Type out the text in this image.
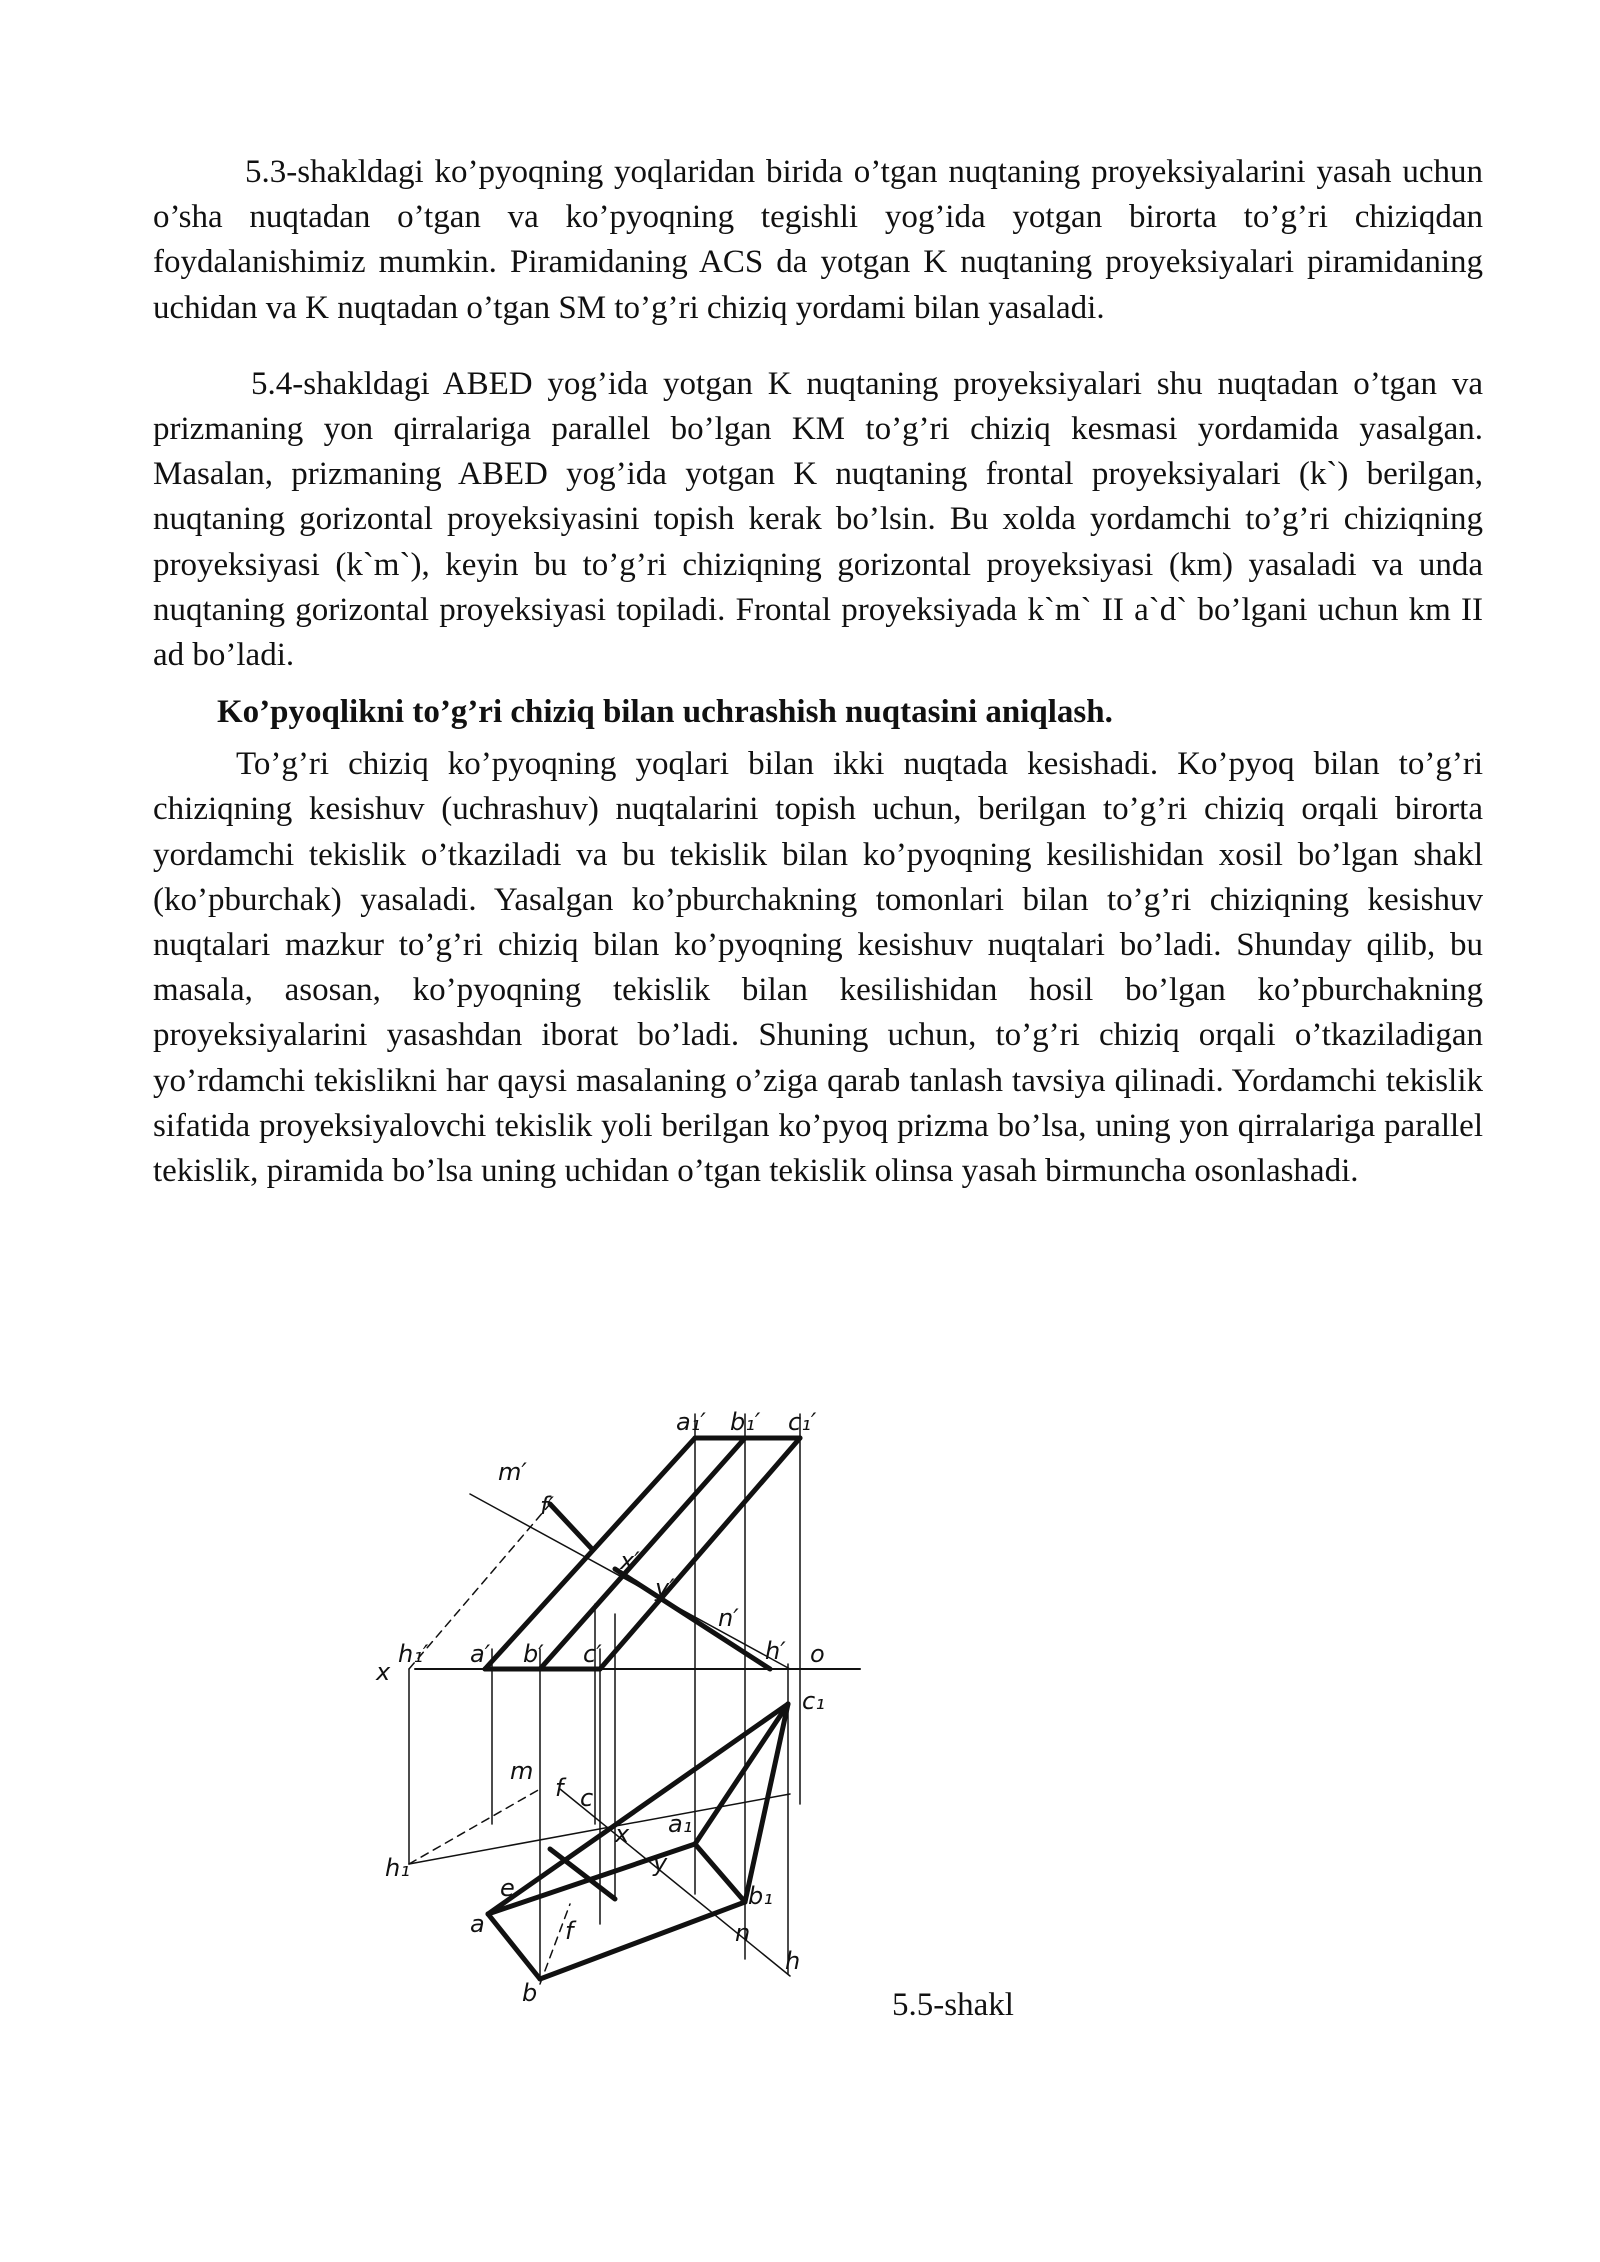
5.3-shakldagi ko’pyoqning yoqlaridan birida o’tgan nuqtaning proyeksiyalarini yasah uchun o’sha nuqtadan o’tgan va ko’pyoqning tegishli yog’ida yotgan birorta to’g’ri chiziqdan foydalanishimiz mumkin. Piramidaning ACS da yotgan K nuqtaning proyeksiyalari piramidaning uchidan va K nuqtadan o’tgan SM to’g’ri chiziq yordami bilan yasaladi.

5.4-shakldagi ABED yog’ida yotgan K nuqtaning proyeksiyalari shu nuqtadan o’tgan va prizmaning yon qirralariga parallel bo’lgan KM to’g’ri chiziq kesmasi yordamida yasalgan. Masalan, prizmaning ABED yog’ida yotgan K nuqtaning frontal proyeksiyalari (k`) berilgan, nuqtaning gorizontal proyeksiyasini topish kerak bo’lsin. Bu xolda yordamchi to’g’ri chiziqning proyeksiyasi (k`m`), keyin bu to’g’ri chiziqning gorizontal proyeksiyasi (km) yasaladi va unda nuqtaning gorizontal proyeksiyasi topiladi. Frontal proyeksiyada k`m` II a`d` bo’lgani uchun km II ad bo’ladi.

Ko’pyoqlikni to’g’ri chiziq bilan uchrashish nuqtasini aniqlash.

To’g’ri chiziq ko’pyoqning yoqlari bilan ikki nuqtada kesishadi. Ko’pyoq bilan to’g’ri chiziqning kesishuv (uchrashuv) nuqtalarini topish uchun, berilgan to’g’ri chiziq orqali birorta yordamchi tekislik o’tkaziladi va bu tekislik bilan ko’pyoqning kesilishidan xosil bo’lgan shakl (ko’pburchak) yasaladi. Yasalgan ko’pburchakning tomonlari bilan to’g’ri chiziqning kesishuv nuqtalari mazkur to’g’ri chiziq bilan ko’pyoqning kesishuv nuqtalari bo’ladi. Shunday qilib, bu masala, asosan, ko’pyoqning tekislik bilan kesilishidan hosil bo’lgan ko’pburchakning proyeksiyalarini yasashdan iborat bo’ladi. Shuning uchun, to’g’ri chiziq orqali o’tkaziladigan yo’rdamchi tekislikni har qaysi masalaning o’ziga qarab tanlash tavsiya qilinadi. Yordamchi tekislik sifatida proyeksiyalovchi tekislik yoli berilgan ko’pyoq prizma bo’lsa, uning yon qirralariga parallel tekislik, piramida bo’lsa uning uchidan o’tgan tekislik olinsa yasah birmuncha osonlashadi.

a₁′ b₁′ c₁′
m′
f′
x′
y′
n′
x
h₁′ a′ b′ c′	h′ o
c₁
m
f c
x a₁
y
h₁
e	b₁
a	f	n
h
b	5.5-shakl
